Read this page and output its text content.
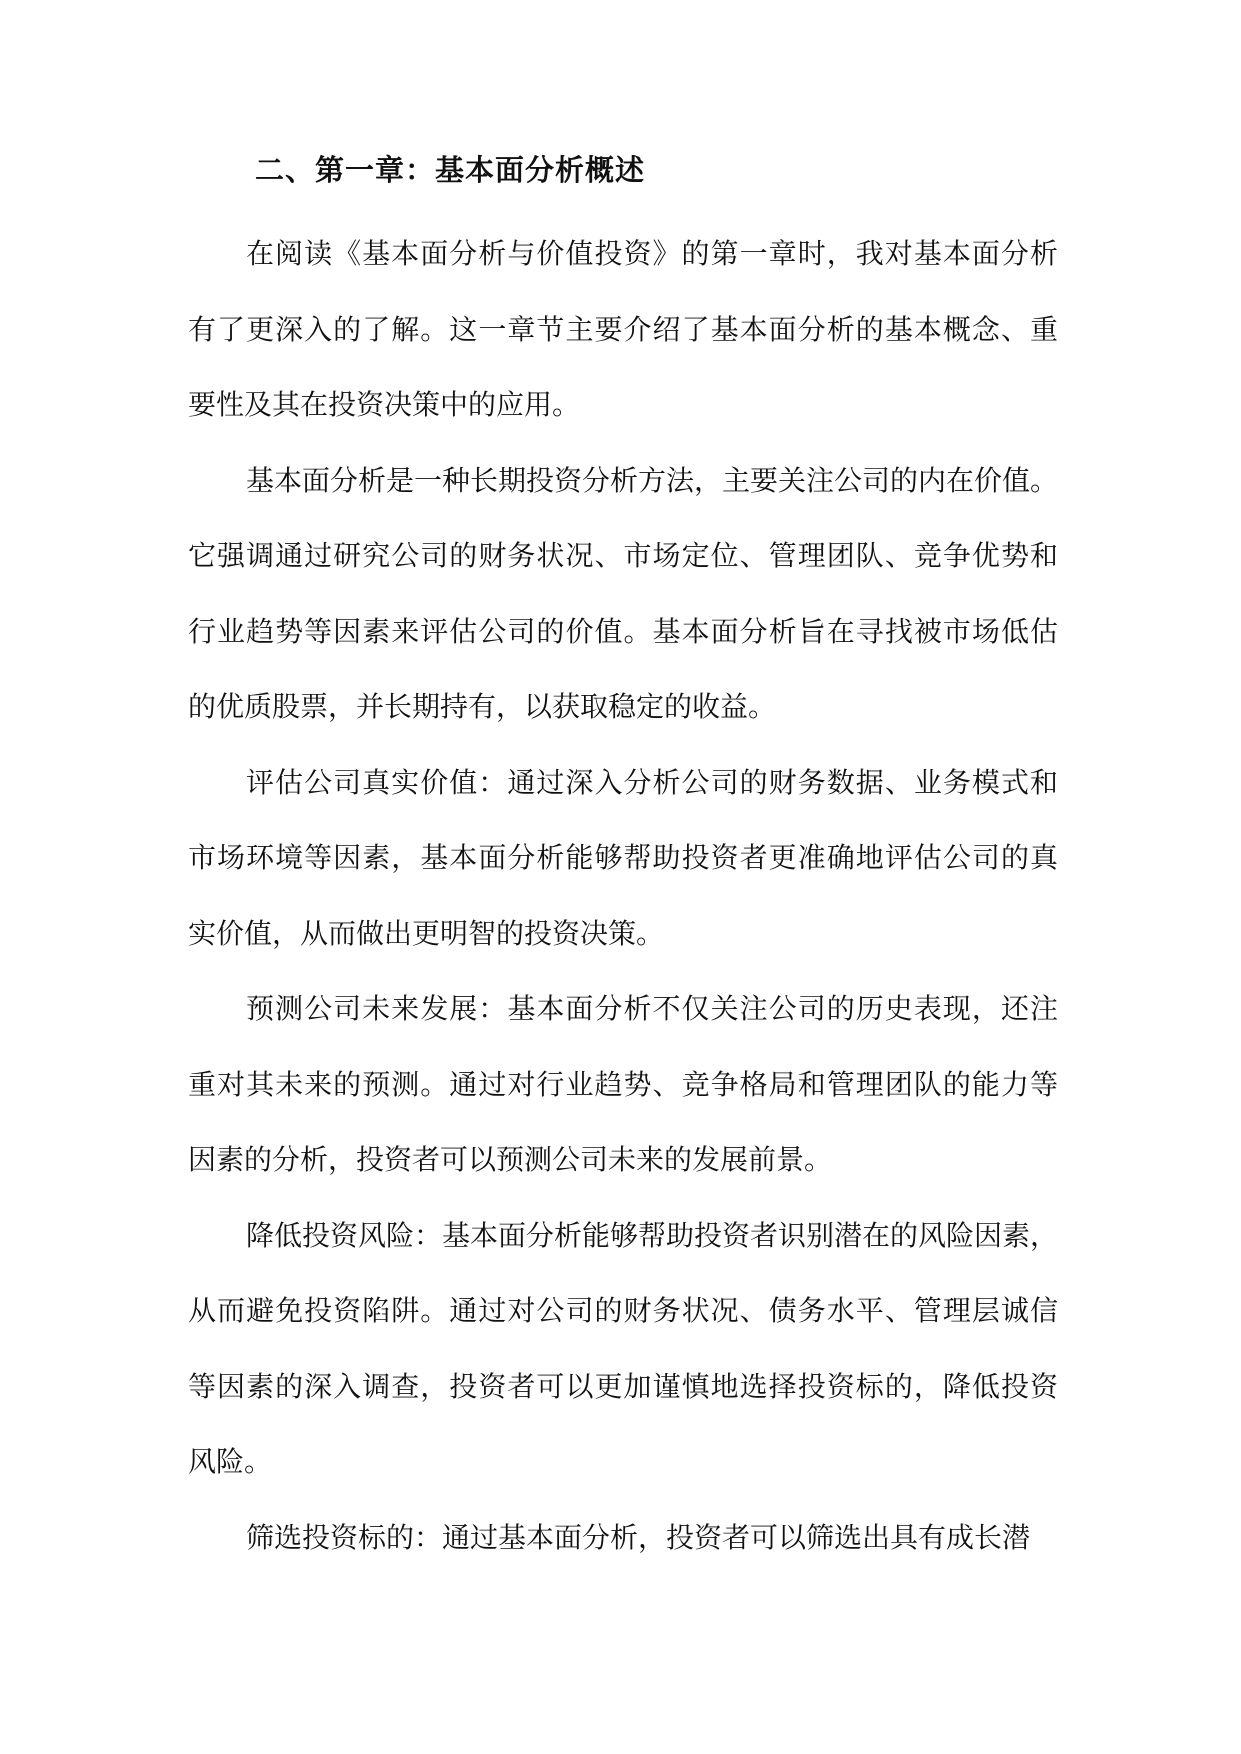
二、第一章：基本面分析概述
在阅读《基本面分析与价值投资》的第一章时，我对基本面分析
有了更深入的了解。这一章节主要介绍了基本面分析的基本概念、重
要性及其在投资决策中的应用。
基本面分析是一种长期投资分析方法，主要关注公司的内在价值。
它强调通过研究公司的财务状况、市场定位、管理团队、竞争优势和
行业趋势等因素来评估公司的价值。基本面分析旨在寻找被市场低估
的优质股票，并长期持有，以获取稳定的收益。
评估公司真实价值：通过深入分析公司的财务数据、业务模式和
市场环境等因素，基本面分析能够帮助投资者更准确地评估公司的真
实价值，从而做出更明智的投资决策。
预测公司未来发展：基本面分析不仅关注公司的历史表现，还注
重对其未来的预测。通过对行业趋势、竞争格局和管理团队的能力等
因素的分析，投资者可以预测公司未来的发展前景。
降低投资风险：基本面分析能够帮助投资者识别潜在的风险因素，
从而避免投资陷阱。通过对公司的财务状况、债务水平、管理层诚信
等因素的深入调查，投资者可以更加谨慎地选择投资标的，降低投资
风险。
筛选投资标的：通过基本面分析，投资者可以筛选出具有成长潜
